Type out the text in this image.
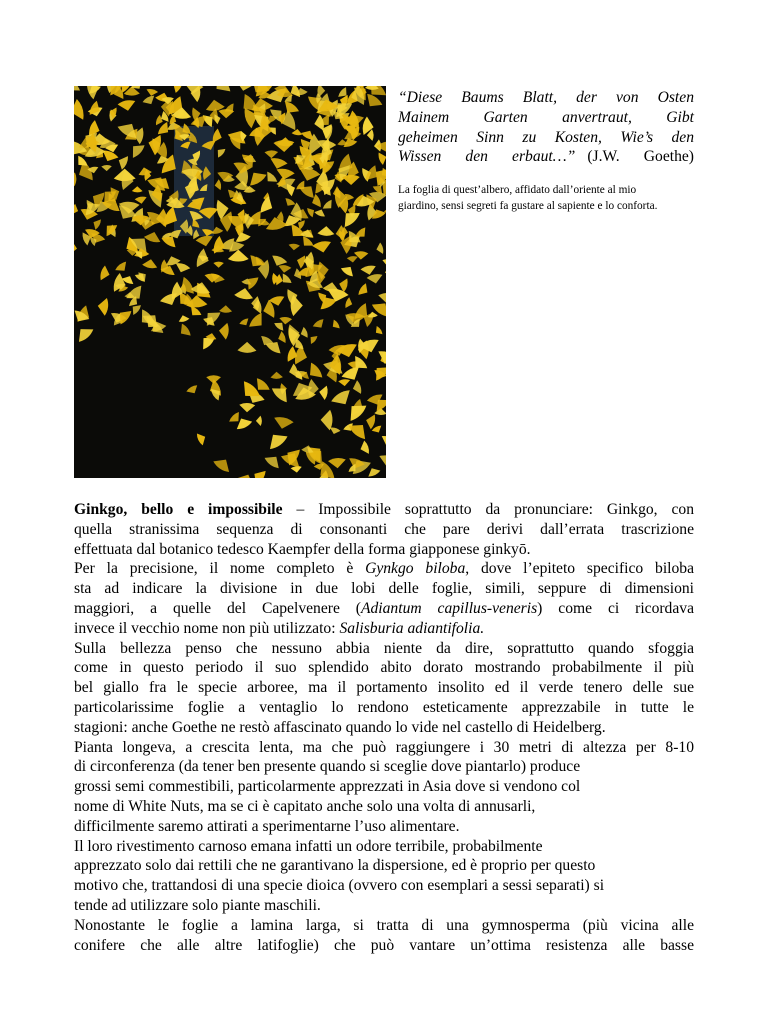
“Diese Baums Blatt, der von Osten
Mainem Garten anvertraut, Gibt
geheimen Sinn zu Kosten, Wie’s den
Wissen den erbaut…” (J.W. Goethe)
La foglia di quest’albero, affidato dall’oriente al mio
giardino, sensi segreti fa gustare al sapiente e lo conforta.

Ginkgo, bello e impossibile – Impossibile soprattutto da pronunciare: Ginkgo, con
quella stranissima sequenza di consonanti che pare derivi dall’errata trascrizione
effettuata dal botanico tedesco Kaempfer della forma giapponese ginkyō.

Per la precisione, il nome completo è Gynkgo biloba, dove l’epiteto specifico biloba
sta ad indicare la divisione in due lobi delle foglie, simili, seppure di dimensioni
maggiori, a quelle del Capelvenere (Adiantum capillus-veneris) come ci ricordava
invece il vecchio nome non più utilizzato: Salisburia adiantifolia.

Sulla bellezza penso che nessuno abbia niente da dire, soprattutto quando sfoggia
come in questo periodo il suo splendido abito dorato mostrando probabilmente il più
bel giallo fra le specie arboree, ma il portamento insolito ed il verde tenero delle sue
particolarissime foglie a ventaglio lo rendono esteticamente apprezzabile in tutte le
stagioni: anche Goethe ne restò affascinato quando lo vide nel castello di Heidelberg.

Pianta longeva, a crescita lenta, ma che può raggiungere i 30 metri di altezza per 8-10
di circonferenza (da tener ben presente quando si sceglie dove piantarlo) produce
grossi semi commestibili, particolarmente apprezzati in Asia dove si vendono col
nome di White Nuts, ma se ci è capitato anche solo una volta di annusarli,
difficilmente saremo attirati a sperimentarne l’uso alimentare.

Il loro rivestimento carnoso emana infatti un odore terribile, probabilmente
apprezzato solo dai rettili che ne garantivano la dispersione, ed è proprio per questo
motivo che, trattandosi di una specie dioica (ovvero con esemplari a sessi separati) si
tende ad utilizzare solo piante maschili.

Nonostante le foglie a lamina larga, si tratta di una gymnosperma (più vicina alle
conifere che alle altre latifoglie) che può vantare un’ottima resistenza alle basse
